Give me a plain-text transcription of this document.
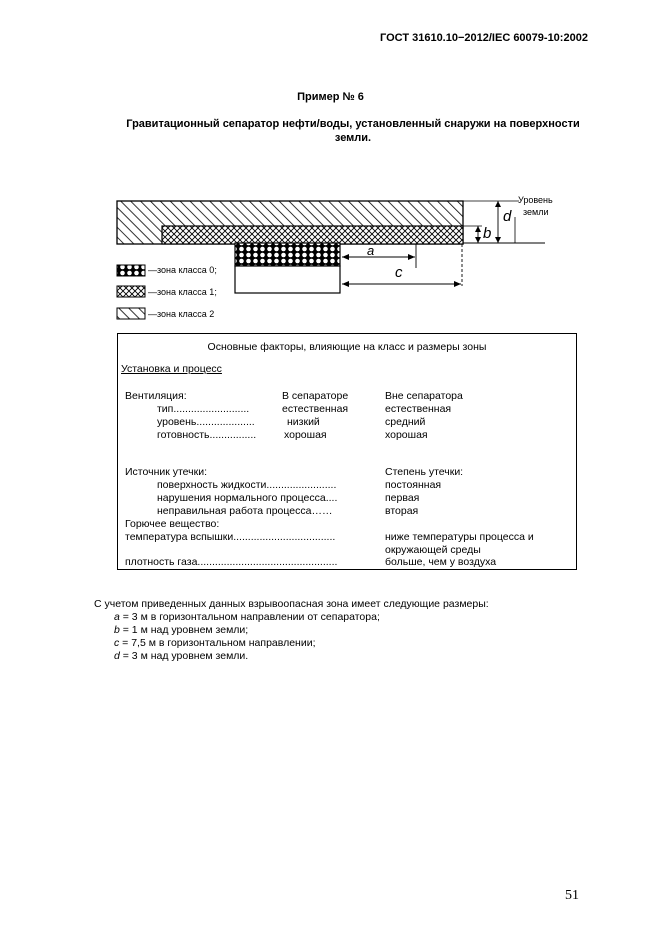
ГОСТ 31610.10−2012/IEC 60079-10:2002
Пример № 6
Гравитационный сепаратор нефти/воды, установленный снаружи на поверхности земли.
Уровень
земли
d
b
a
c
—зона класса 0;
—зона класса 1;
—зона класса 2
Основные факторы, влияющие на класс и размеры зоны
Установка и процесс
Вентиляция:	В сепараторе	Вне сепаратора
тип..........................	естественная	естественная
уровень....................	низкий	средний
готовность................	хорошая	хорошая
Источник утечки:	Степень утечки:
поверхность жидкости........................	постоянная
нарушения нормального процесса....	первая
неправильная работа процесса……	вторая
Горючее вещество:
температура вспышки...................................	ниже температуры процесса и
окружающей среды
плотность газа................................................	больше, чем у воздуха
С учетом приведенных данных взрывоопасная зона имеет следующие размеры:
a = 3 м в горизонтальном направлении от сепаратора;
b = 1 м над уровнем земли;
c = 7,5 м в горизонтальном направлении;
d = 3 м над уровнем земли.
51
